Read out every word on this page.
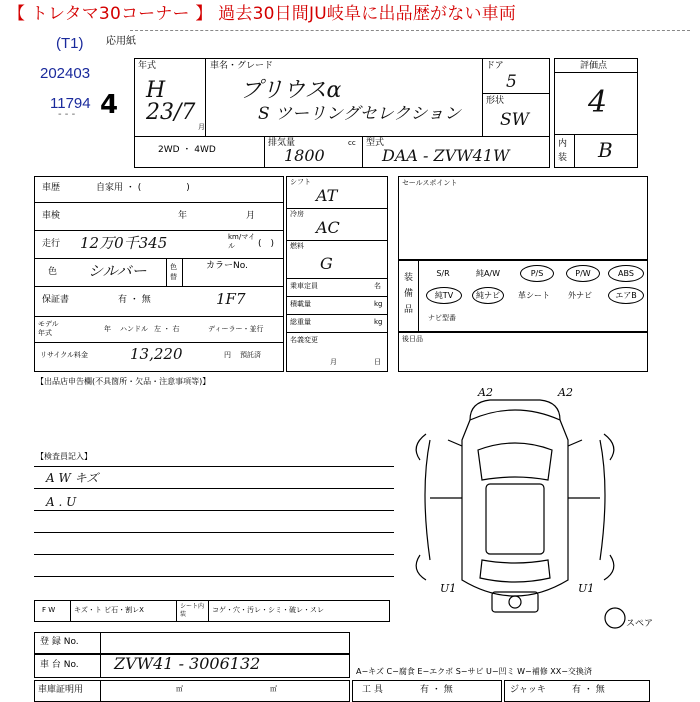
【 トレタマ30コーナー 】 過去30日間JU岐阜に出品歴がない車両
応用紙
(T1)
202403
11794 4
- - -
年式
H 23/7
月
車名・グレード
プリウスα
S ツーリングセレクション
ドア
5
形状
SW
2WD ・ 4WD
排気量
1800
cc 型式
DAA - ZVW41W
評価点
4
内装 B
車歴	自家用 ・ (　　　　　)
車検	年	月
走行 12万0千345	km/マイル	(　)
色 シルバー	色替
カラーNo.
保証書	有 ・ 無	1F7
モデル年式	年 ハンドル 左 ・ 右	ディーラー・並行
リサイクル料金	13,220	円 預託済
シフト
AT
冷房
AC
燃料
G
乗車定員	名
積載量	kg
総重量	kg
名義変更
月	日
セールスポイント
装備品
S/R	純A/W	P/S	P/W	ABS
純TV	純ナビ	革シート	外ナビ	エアB
ナビ型番
後日品
【出品店申告欄(不具箇所・欠品・注意事項等)】
【検査員記入】
A W キズ
A . U
A2	A2
U1	U1
スペア
F W	キズ・ト ビ石・割レX	シート内装
コゲ・穴・汚レ・シミ・破レ・スレ
登 録 No.
車 台 No. ZVW41 - 3006132	A−キズ C−腐食 E−エクボ S−サビ U−凹ミ W−補修 XX−交換済
車庫証明用	㎡	㎡	工 具	有 ・ 無	ジャッキ	有 ・ 無
